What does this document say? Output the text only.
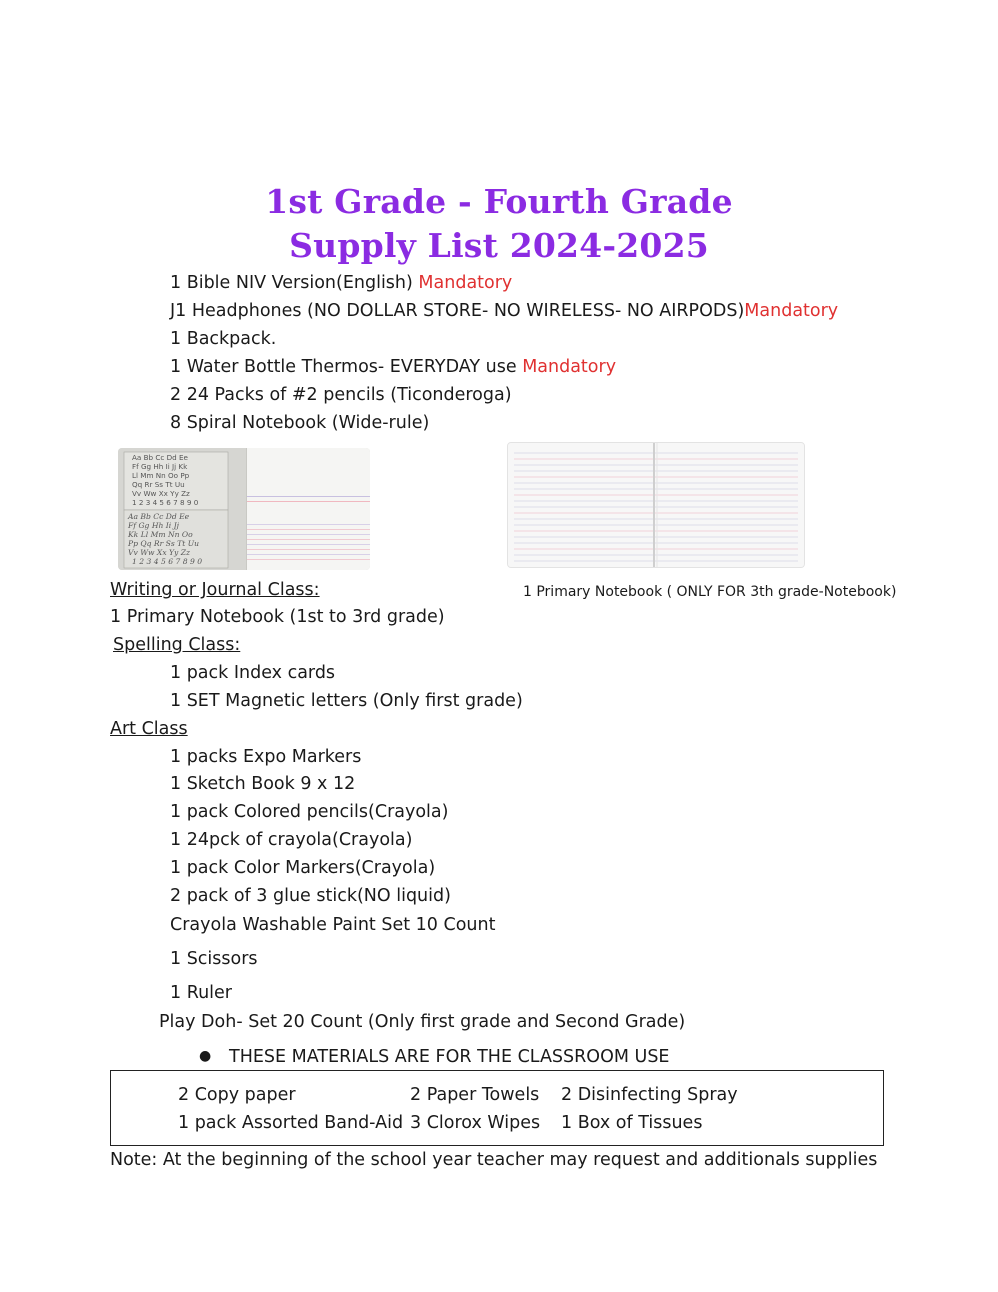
1st Grade - Fourth Grade
Supply List 2024-2025
1 Bible NIV Version(English) Mandatory
J1 Headphones (NO DOLLAR STORE- NO WIRELESS- NO AIRPODS)Mandatory
1 Backpack.
1 Water Bottle Thermos- EVERYDAY use Mandatory
2 24 Packs of #2 pencils (Ticonderoga)
8 Spiral Notebook (Wide-rule)
Aa Bb Cc Dd Ee
Ff Gg Hh Ii Jj Kk
Ll Mm Nn Oo Pp
Qq Rr Ss Tt Uu
Vv Ww Xx Yy Zz
1 2 3 4 5 6 7 8 9 0
Aa Bb Cc Dd Ee
Ff Gg Hh Ii Jj
Kk Ll Mm Nn Oo
Pp Qq Rr Ss Tt Uu
Vv Ww Xx Yy Zz
1 2 3 4 5 6 7 8 9 0
Writing or Journal Class:	1 Primary Notebook ( ONLY FOR 3th grade-Notebook)
1 Primary Notebook (1st to 3rd grade)
Spelling Class:
1 pack Index cards
1 SET Magnetic letters (Only first grade)
Art Class
1 packs Expo Markers
1 Sketch Book 9 x 12
1 pack Colored pencils(Crayola)
1 24pck of crayola(Crayola)
1 pack Color Markers(Crayola)
2 pack of 3 glue stick(NO liquid)
Crayola Washable Paint Set 10 Count
1 Scissors
1 Ruler
Play Doh- Set 20 Count (Only first grade and Second Grade)
● THESE MATERIALS ARE FOR THE CLASSROOM USE
2 Copy paper	2 Paper Towels 2 Disinfecting Spray
1 pack Assorted Band-Aid 3 Clorox Wipes 1 Box of Tissues
Note: At the beginning of the school year teacher may request and additionals supplies
